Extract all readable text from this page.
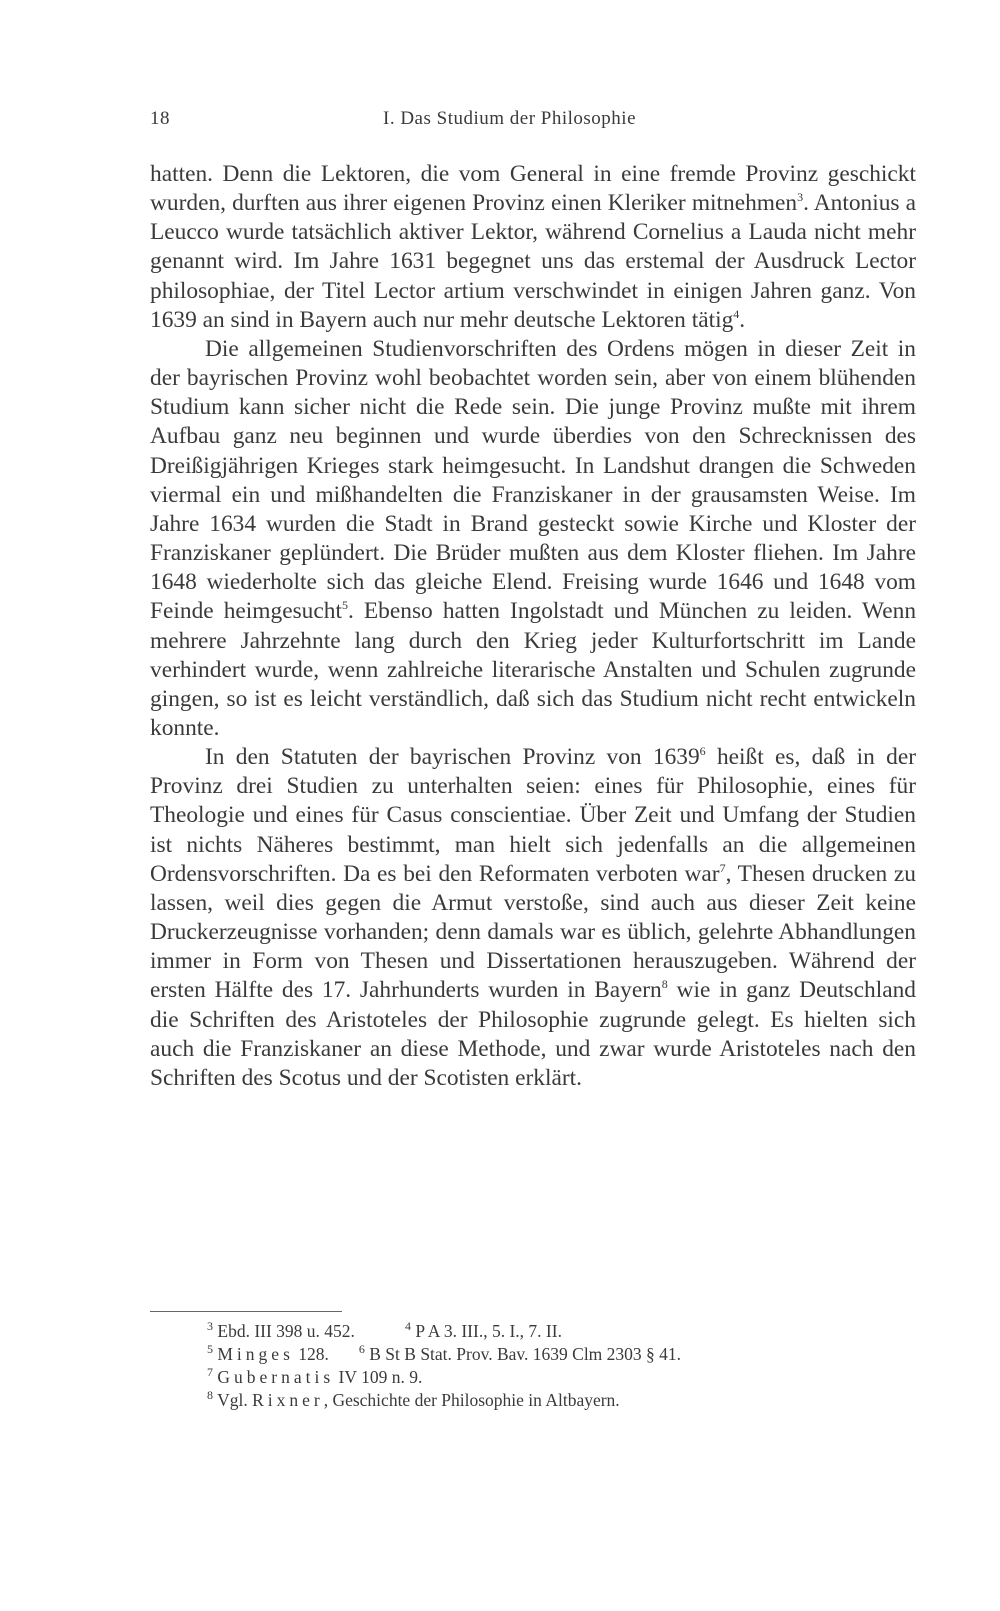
18	I. Das Studium der Philosophie

hatten. Denn die Lektoren, die vom General in eine fremde Provinz geschickt wurden, durften aus ihrer eigenen Provinz einen Kleriker mitnehmen$^3$. Antonius a Leucco wurde tatsächlich aktiver Lektor, während Cornelius a Lauda nicht mehr genannt wird. Im Jahre 1631 begegnet uns das erstemal der Ausdruck Lector philosophiae, der Titel Lector artium verschwindet in einigen Jahren ganz. Von 1639 an sind in Bayern auch nur mehr deutsche Lektoren tätig$^4$.

Die allgemeinen Studienvorschriften des Ordens mögen in dieser Zeit in der bayrischen Provinz wohl beobachtet worden sein, aber von einem blühenden Studium kann sicher nicht die Rede sein. Die junge Provinz mußte mit ihrem Aufbau ganz neu beginnen und wurde überdies von den Schrecknissen des Dreißigjährigen Krieges stark heimgesucht. In Landshut drangen die Schweden viermal ein und mißhandelten die Franziskaner in der grausamsten Weise. Im Jahre 1634 wurden die Stadt in Brand gesteckt sowie Kirche und Kloster der Franziskaner geplündert. Die Brüder mußten aus dem Kloster fliehen. Im Jahre 1648 wiederholte sich das gleiche Elend. Freising wurde 1646 und 1648 vom Feinde heimgesucht$^5$. Ebenso hatten Ingolstadt und München zu leiden. Wenn mehrere Jahrzehnte lang durch den Krieg jeder Kulturfortschritt im Lande verhindert wurde, wenn zahlreiche literarische Anstalten und Schulen zugrunde gingen, so ist es leicht verständlich, daß sich das Studium nicht recht entwickeln konnte.

In den Statuten der bayrischen Provinz von 1639$^6$ heißt es, daß in der Provinz drei Studien zu unterhalten seien: eines für Philosophie, eines für Theologie und eines für Casus conscientiae. Über Zeit und Umfang der Studien ist nichts Näheres bestimmt, man hielt sich jedenfalls an die allgemeinen Ordensvorschriften. Da es bei den Reformaten verboten war$^7$, Thesen drucken zu lassen, weil dies gegen die Armut verstoße, sind auch aus dieser Zeit keine Druckerzeugnisse vorhanden; denn damals war es üblich, gelehrte Abhandlungen immer in Form von Thesen und Dissertationen herauszugeben. Während der ersten Hälfte des 17. Jahrhunderts wurden in Bayern$^8$ wie in ganz Deutschland die Schriften des Aristoteles der Philosophie zugrunde gelegt. Es hielten sich auch die Franziskaner an diese Methode, und zwar wurde Aristoteles nach den Schriften des Scotus und der Scotisten erklärt.

$^3$ Ebd. III 398 u. 452.	$^4$ P A 3. III., 5. I., 7. II.
$^5$ Minges 128.	$^6$ B St B Stat. Prov. Bav. 1639 Clm 2303 § 41.
$^7$ Gubernatis IV 109 n. 9.
$^8$ Vgl. Rixner, Geschichte der Philosophie in Altbayern.
